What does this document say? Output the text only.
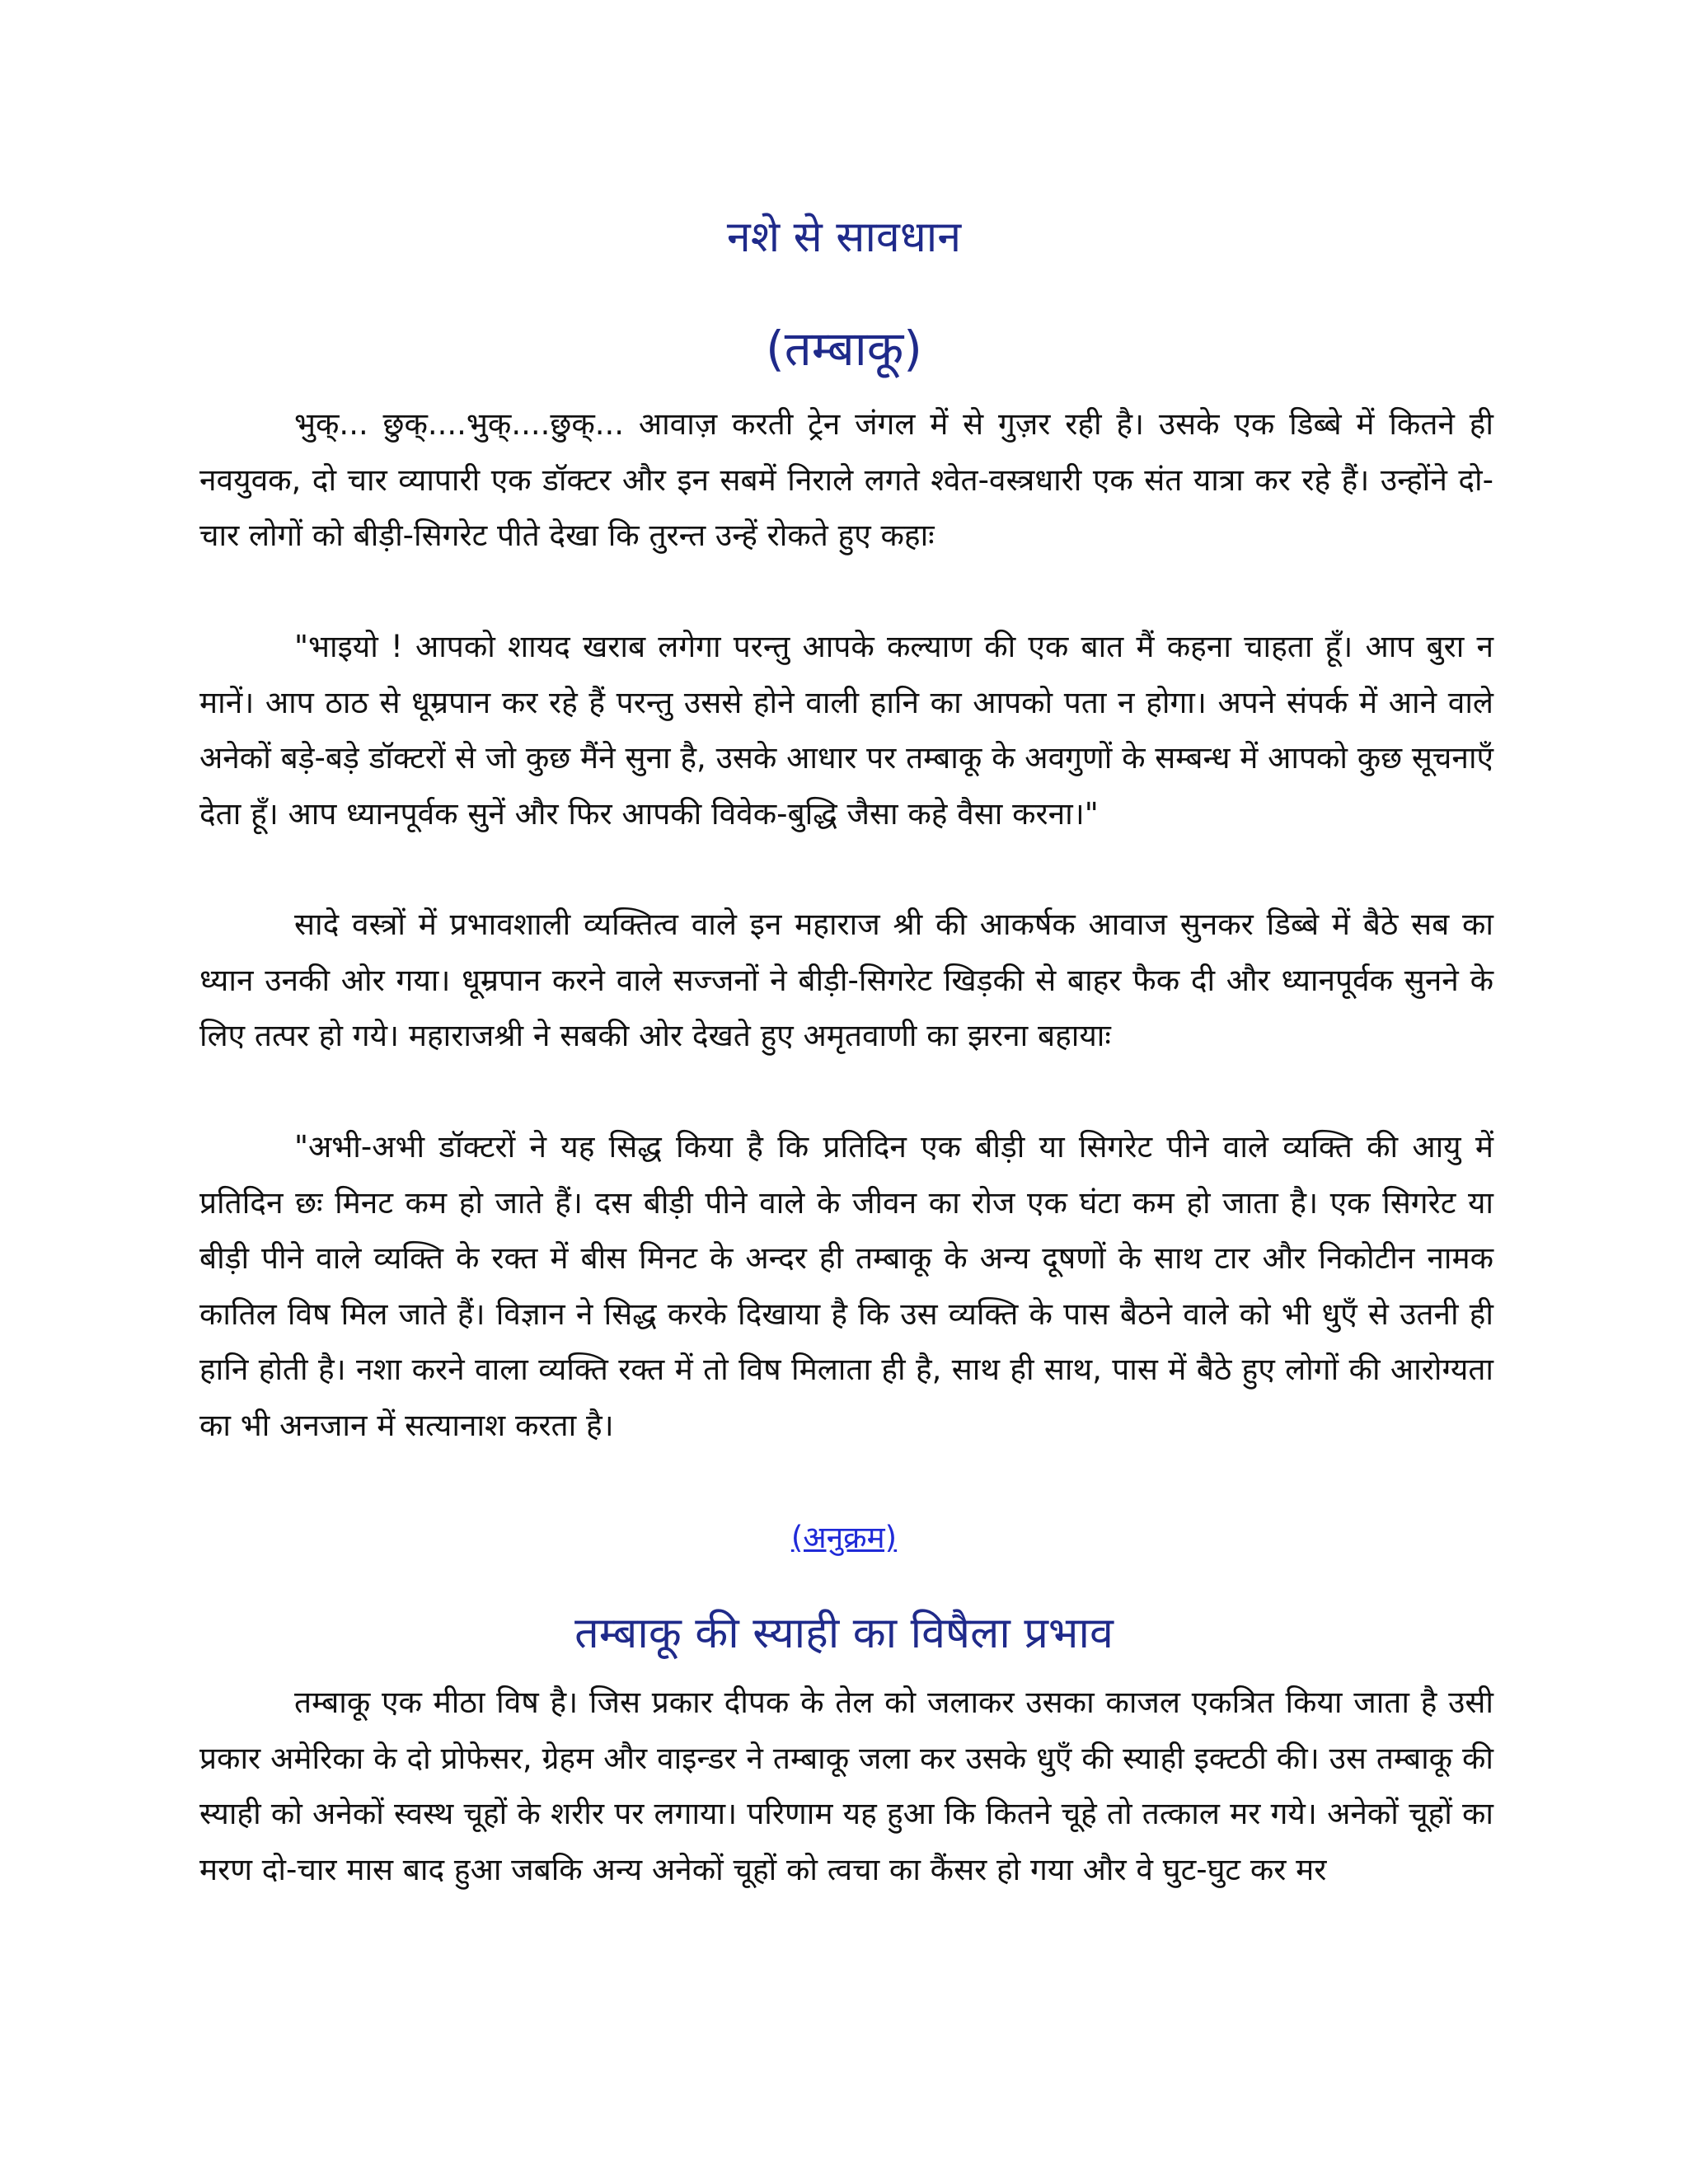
नशे से सावधान
(तम्बाकू)

भुक्... छुक्....भुक्....छुक्... आवाज़ करती ट्रेन जंगल में से गुज़र रही है। उसके एक डिब्बे में कितने ही नवयुवक, दो चार व्यापारी एक डॉक्टर और इन सबमें निराले लगते श्वेत-वस्त्रधारी एक संत यात्रा कर रहे हैं। उन्होंने दो-चार लोगों को बीड़ी-सिगरेट पीते देखा कि तुरन्त उन्हें रोकते हुए कहाः

"भाइयो ! आपको शायद खराब लगेगा परन्तु आपके कल्याण की एक बात मैं कहना चाहता हूँ। आप बुरा न मानें। आप ठाठ से धूम्रपान कर रहे हैं परन्तु उससे होने वाली हानि का आपको पता न होगा। अपने संपर्क में आने वाले अनेकों बड़े-बड़े डॉक्टरों से जो कुछ मैंने सुना है, उसके आधार पर तम्बाकू के अवगुणों के सम्बन्ध में आपको कुछ सूचनाएँ देता हूँ। आप ध्यानपूर्वक सुनें और फिर आपकी विवेक-बुद्धि जैसा कहे वैसा करना।"

सादे वस्त्रों में प्रभावशाली व्यक्तित्व वाले इन महाराज श्री की आकर्षक आवाज सुनकर डिब्बे में बैठे सब का ध्यान उनकी ओर गया। धूम्रपान करने वाले सज्जनों ने बीड़ी-सिगरेट खिड़की से बाहर फैक दी और ध्यानपूर्वक सुनने के लिए तत्पर हो गये। महाराजश्री ने सबकी ओर देखते हुए अमृतवाणी का झरना बहायाः

"अभी-अभी डॉक्टरों ने यह सिद्ध किया है कि प्रतिदिन एक बीड़ी या सिगरेट पीने वाले व्यक्ति की आयु में प्रतिदिन छः मिनट कम हो जाते हैं। दस बीड़ी पीने वाले के जीवन का रोज एक घंटा कम हो जाता है। एक सिगरेट या बीड़ी पीने वाले व्यक्ति के रक्त में बीस मिनट के अन्दर ही तम्बाकू के अन्य दूषणों के साथ टार और निकोटीन नामक कातिल विष मिल जाते हैं। विज्ञान ने सिद्ध करके दिखाया है कि उस व्यक्ति के पास बैठने वाले को भी धुएँ से उतनी ही हानि होती है। नशा करने वाला व्यक्ति रक्त में तो विष मिलाता ही है, साथ ही साथ, पास में बैठे हुए लोगों की आरोग्यता का भी अनजान में सत्यानाश करता है।

(अनुक्रम)
तम्बाकू की स्याही का विषैला प्रभाव

तम्बाकू एक मीठा विष है। जिस प्रकार दीपक के तेल को जलाकर उसका काजल एकत्रित किया जाता है उसी प्रकार अमेरिका के दो प्रोफेसर, ग्रेहम और वाइन्डर ने तम्बाकू जला कर उसके धुएँ की स्याही इक्टठी की। उस तम्बाकू की स्याही को अनेकों स्वस्थ चूहों के शरीर पर लगाया। परिणाम यह हुआ कि कितने चूहे तो तत्काल मर गये। अनेकों चूहों का मरण दो-चार मास बाद हुआ जबकि अन्य अनेकों चूहों को त्वचा का कैंसर हो गया और वे घुट-घुट कर मर
